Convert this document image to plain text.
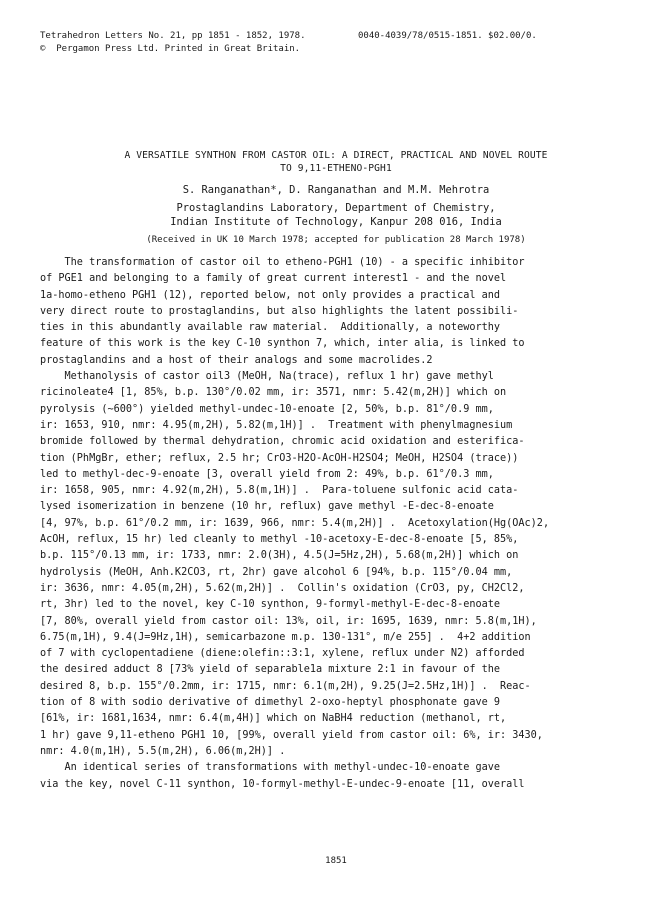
Tetrahedron Letters No. 21, pp 1851 - 1852, 1978.	0040-4039/78/0515-1851. $02.00/0.
©  Pergamon Press Ltd. Printed in Great Britain.
A VERSATILE SYNTHON FROM CASTOR OIL: A DIRECT, PRACTICAL AND NOVEL ROUTE
TO 9,11-ETHENO-PGH1
S. Ranganathan*, D. Ranganathan and M.M. Mehrotra
Prostaglandins Laboratory, Department of Chemistry,
Indian Institute of Technology, Kanpur 208 016, India
(Received in UK 10 March 1978; accepted for publication 28 March 1978)
The transformation of castor oil to etheno-PGH1 (10) - a specific inhibitor
of PGE1 and belonging to a family of great current interest1 - and the novel
1a-homo-etheno PGH1 (12), reported below, not only provides a practical and
very direct route to prostaglandins, but also highlights the latent possibili-
ties in this abundantly available raw material.  Additionally, a noteworthy
feature of this work is the key C-10 synthon 7, which, inter alia, is linked to
prostaglandins and a host of their analogs and some macrolides.2
Methanolysis of castor oil3 (MeOH, Na(trace), reflux 1 hr) gave methyl
ricinoleate4 [1, 85%, b.p. 130°/0.02 mm, ir: 3571, nmr: 5.42(m,2H)] which on
pyrolysis (~600°) yielded methyl-undec-10-enoate [2, 50%, b.p. 81°/0.9 mm,
ir: 1653, 910, nmr: 4.95(m,2H), 5.82(m,1H)] .  Treatment with phenylmagnesium
bromide followed by thermal dehydration, chromic acid oxidation and esterifica-
tion (PhMgBr, ether; reflux, 2.5 hr; CrO3-H2O-AcOH-H2SO4; MeOH, H2SO4 (trace))
led to methyl-dec-9-enoate [3, overall yield from 2: 49%, b.p. 61°/0.3 mm,
ir: 1658, 905, nmr: 4.92(m,2H), 5.8(m,1H)] .  Para-toluene sulfonic acid cata-
lysed isomerization in benzene (10 hr, reflux) gave methyl -E-dec-8-enoate
[4, 97%, b.p. 61°/0.2 mm, ir: 1639, 966, nmr: 5.4(m,2H)] .  Acetoxylation(Hg(OAc)2,
AcOH, reflux, 15 hr) led cleanly to methyl -10-acetoxy-E-dec-8-enoate [5, 85%,
b.p. 115°/0.13 mm, ir: 1733, nmr: 2.0(3H), 4.5(J=5Hz,2H), 5.68(m,2H)] which on
hydrolysis (MeOH, Anh.K2CO3, rt, 2hr) gave alcohol 6 [94%, b.p. 115°/0.04 mm,
ir: 3636, nmr: 4.05(m,2H), 5.62(m,2H)] .  Collin's oxidation (CrO3, py, CH2Cl2,
rt, 3hr) led to the novel, key C-10 synthon, 9-formyl-methyl-E-dec-8-enoate
[7, 80%, overall yield from castor oil: 13%, oil, ir: 1695, 1639, nmr: 5.8(m,1H),
6.75(m,1H), 9.4(J=9Hz,1H), semicarbazone m.p. 130-131°, m/e 255] .  4+2 addition
of 7 with cyclopentadiene (diene:olefin::3:1, xylene, reflux under N2) afforded
the desired adduct 8 [73% yield of separable1a mixture 2:1 in favour of the
desired 8, b.p. 155°/0.2mm, ir: 1715, nmr: 6.1(m,2H), 9.25(J=2.5Hz,1H)] .  Reac-
tion of 8 with sodio derivative of dimethyl 2-oxo-heptyl phosphonate gave 9
[61%, ir: 1681,1634, nmr: 6.4(m,4H)] which on NaBH4 reduction (methanol, rt,
1 hr) gave 9,11-etheno PGH1 10, [99%, overall yield from castor oil: 6%, ir: 3430,
nmr: 4.0(m,1H), 5.5(m,2H), 6.06(m,2H)] .
An identical series of transformations with methyl-undec-10-enoate gave
via the key, novel C-11 synthon, 10-formyl-methyl-E-undec-9-enoate [11, overall
1851
